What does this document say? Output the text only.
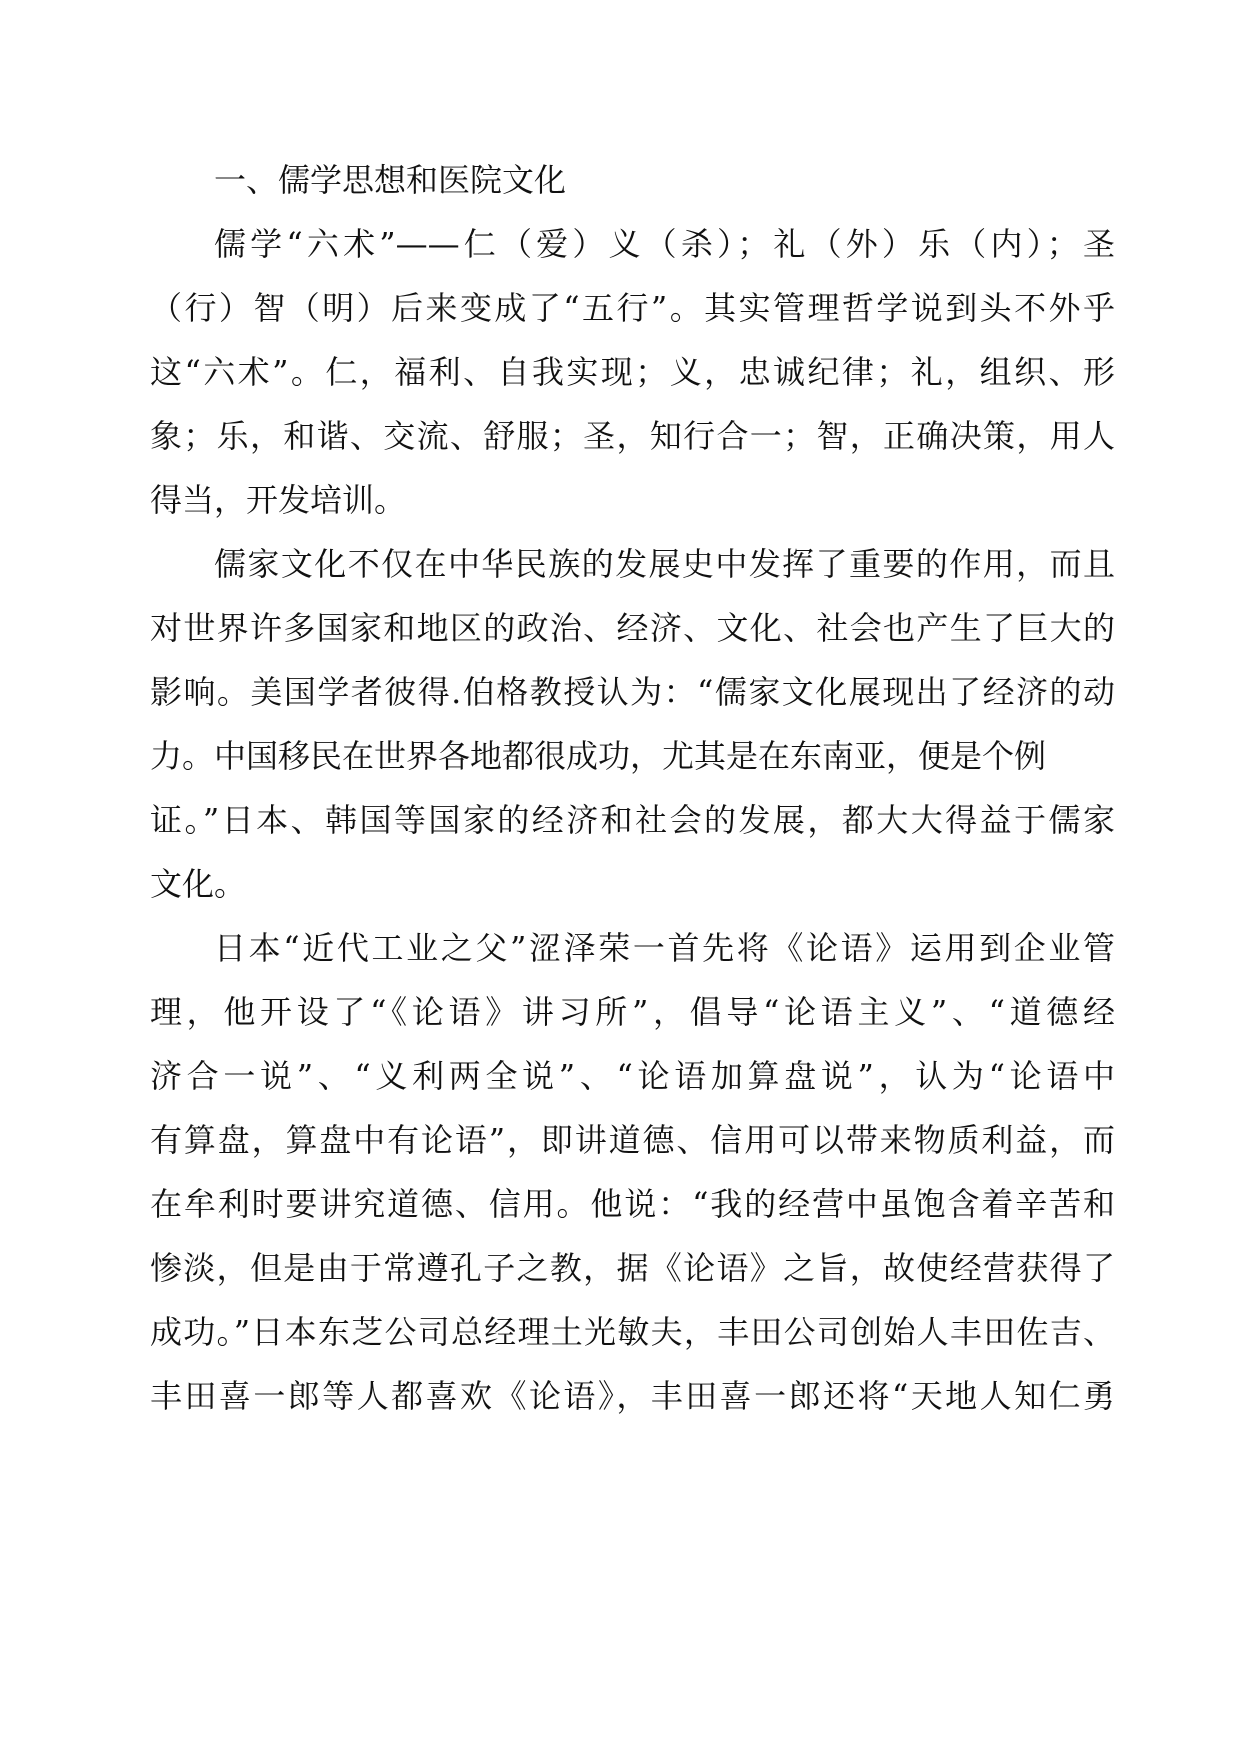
一、儒学思想和医院文化
儒学“六术”——仁（爱）义（杀）；礼（外）乐（内）；圣
（行）智（明）后来变成了“五行”。其实管理哲学说到头不外乎
这“六术”。仁，福利、自我实现；义，忠诚纪律；礼，组织、形
象；乐，和谐、交流、舒服；圣，知行合一；智，正确决策，用人
得当，开发培训。
儒家文化不仅在中华民族的发展史中发挥了重要的作用，而且
对世界许多国家和地区的政治、经济、文化、社会也产生了巨大的
影响。美国学者彼得.伯格教授认为：“儒家文化展现出了经济的动
力。中国移民在世界各地都很成功，尤其是在东南亚，便是个例
证。”日本、韩国等国家的经济和社会的发展，都大大得益于儒家
文化。
日本“近代工业之父”涩泽荣一首先将《论语》运用到企业管
理，他开设了“《论语》讲习所”，倡导“论语主义”、“道德经
济合一说”、“义利两全说”、“论语加算盘说”，认为“论语中
有算盘，算盘中有论语”，即讲道德、信用可以带来物质利益，而
在牟利时要讲究道德、信用。他说：“我的经营中虽饱含着辛苦和
惨淡，但是由于常遵孔子之教，据《论语》之旨，故使经营获得了
成功。”日本东芝公司总经理土光敏夫，丰田公司创始人丰田佐吉、
丰田喜一郎等人都喜欢《论语》，丰田喜一郎还将“天地人知仁勇
